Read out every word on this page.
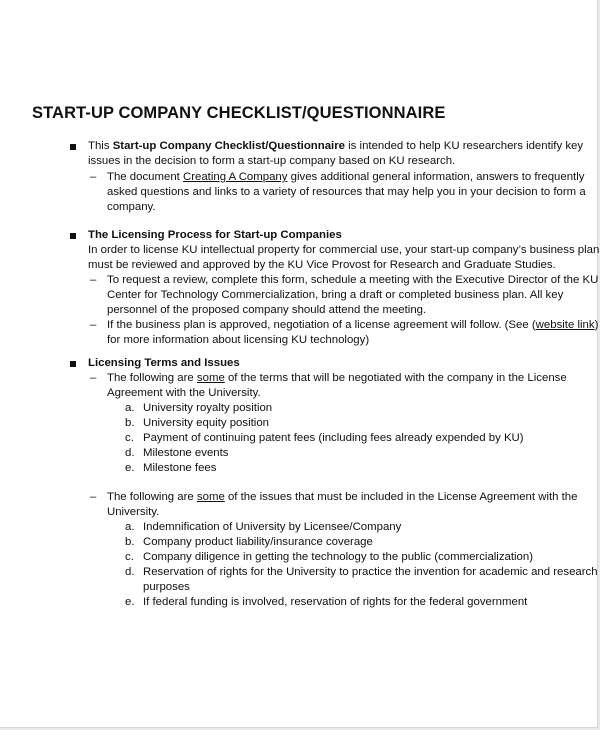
START-UP COMPANY CHECKLIST/QUESTIONNAIRE
This Start-up Company Checklist/Questionnaire is intended to help KU researchers identify key
issues in the decision to form a start-up company based on KU research.
– The document Creating A Company gives additional general information, answers to frequently
asked questions and links to a variety of resources that may help you in your decision to form a
company.
The Licensing Process for Start-up Companies
In order to license KU intellectual property for commercial use, your start-up company’s business plan
must be reviewed and approved by the KU Vice Provost for Research and Graduate Studies.
– To request a review, complete this form, schedule a meeting with the Executive Director of the KU
Center for Technology Commercialization, bring a draft or completed business plan. All key
personnel of the proposed company should attend the meeting.
– If the business plan is approved, negotiation of a license agreement will follow. (See (website link)
for more information about licensing KU technology)
Licensing Terms and Issues
– The following are some of the terms that will be negotiated with the company in the License
Agreement with the University.
a. University royalty position
b. University equity position
c. Payment of continuing patent fees (including fees already expended by KU)
d. Milestone events
e. Milestone fees
– The following are some of the issues that must be included in the License Agreement with the
University.
a. Indemnification of University by Licensee/Company
b. Company product liability/insurance coverage
c. Company diligence in getting the technology to the public (commercialization)
d. Reservation of rights for the University to practice the invention for academic and research
purposes
e. If federal funding is involved, reservation of rights for the federal government
